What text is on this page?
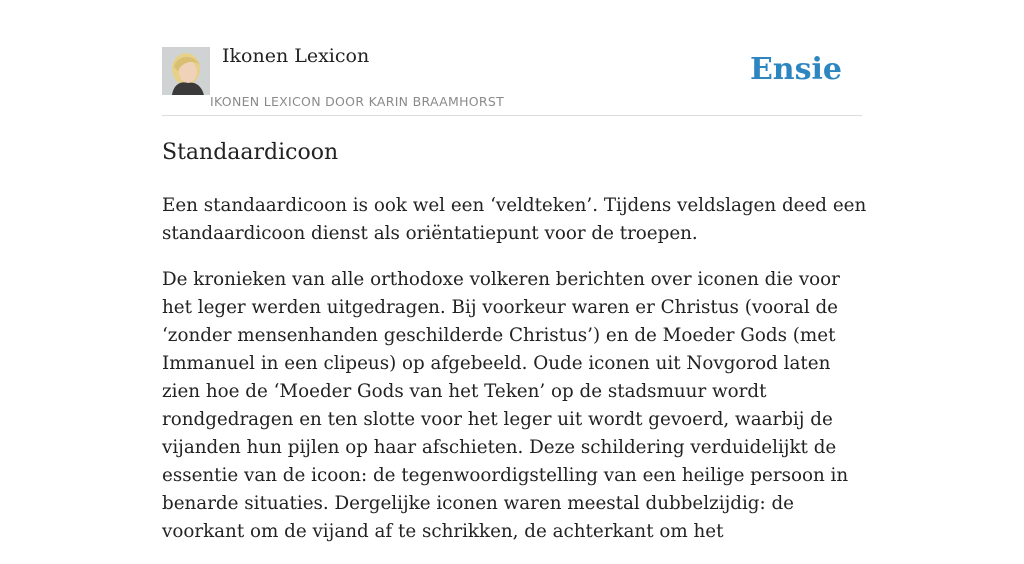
Ikonen Lexicon
IKONEN LEXICON DOOR KARIN BRAAMHORST
Ensie
Standaardicoon

Een standaardicoon is ook wel een ‘veldteken’. Tijdens veldslagen deed een standaardicoon dienst als oriëntatiepunt voor de troepen.

De kronieken van alle orthodoxe volkeren berichten over iconen die voor het leger werden uitgedragen. Bij voorkeur waren er Christus (vooral de ‘zonder mensenhanden geschilderde Christus’) en de Moeder Gods (met Immanuel in een clipeus) op afgebeeld. Oude iconen uit Novgorod laten zien hoe de ‘Moeder Gods van het Teken’ op de stadsmuur wordt rondgedragen en ten slotte voor het leger uit wordt gevoerd, waarbij de vijanden hun pijlen op haar afschieten. Deze schildering verduidelijkt de essentie van de icoon: de tegenwoordigstelling van een heilige persoon in benarde situaties. Dergelijke iconen waren meestal dubbelzijdig: de voorkant om de vijand af te schrikken, de achterkant om het
